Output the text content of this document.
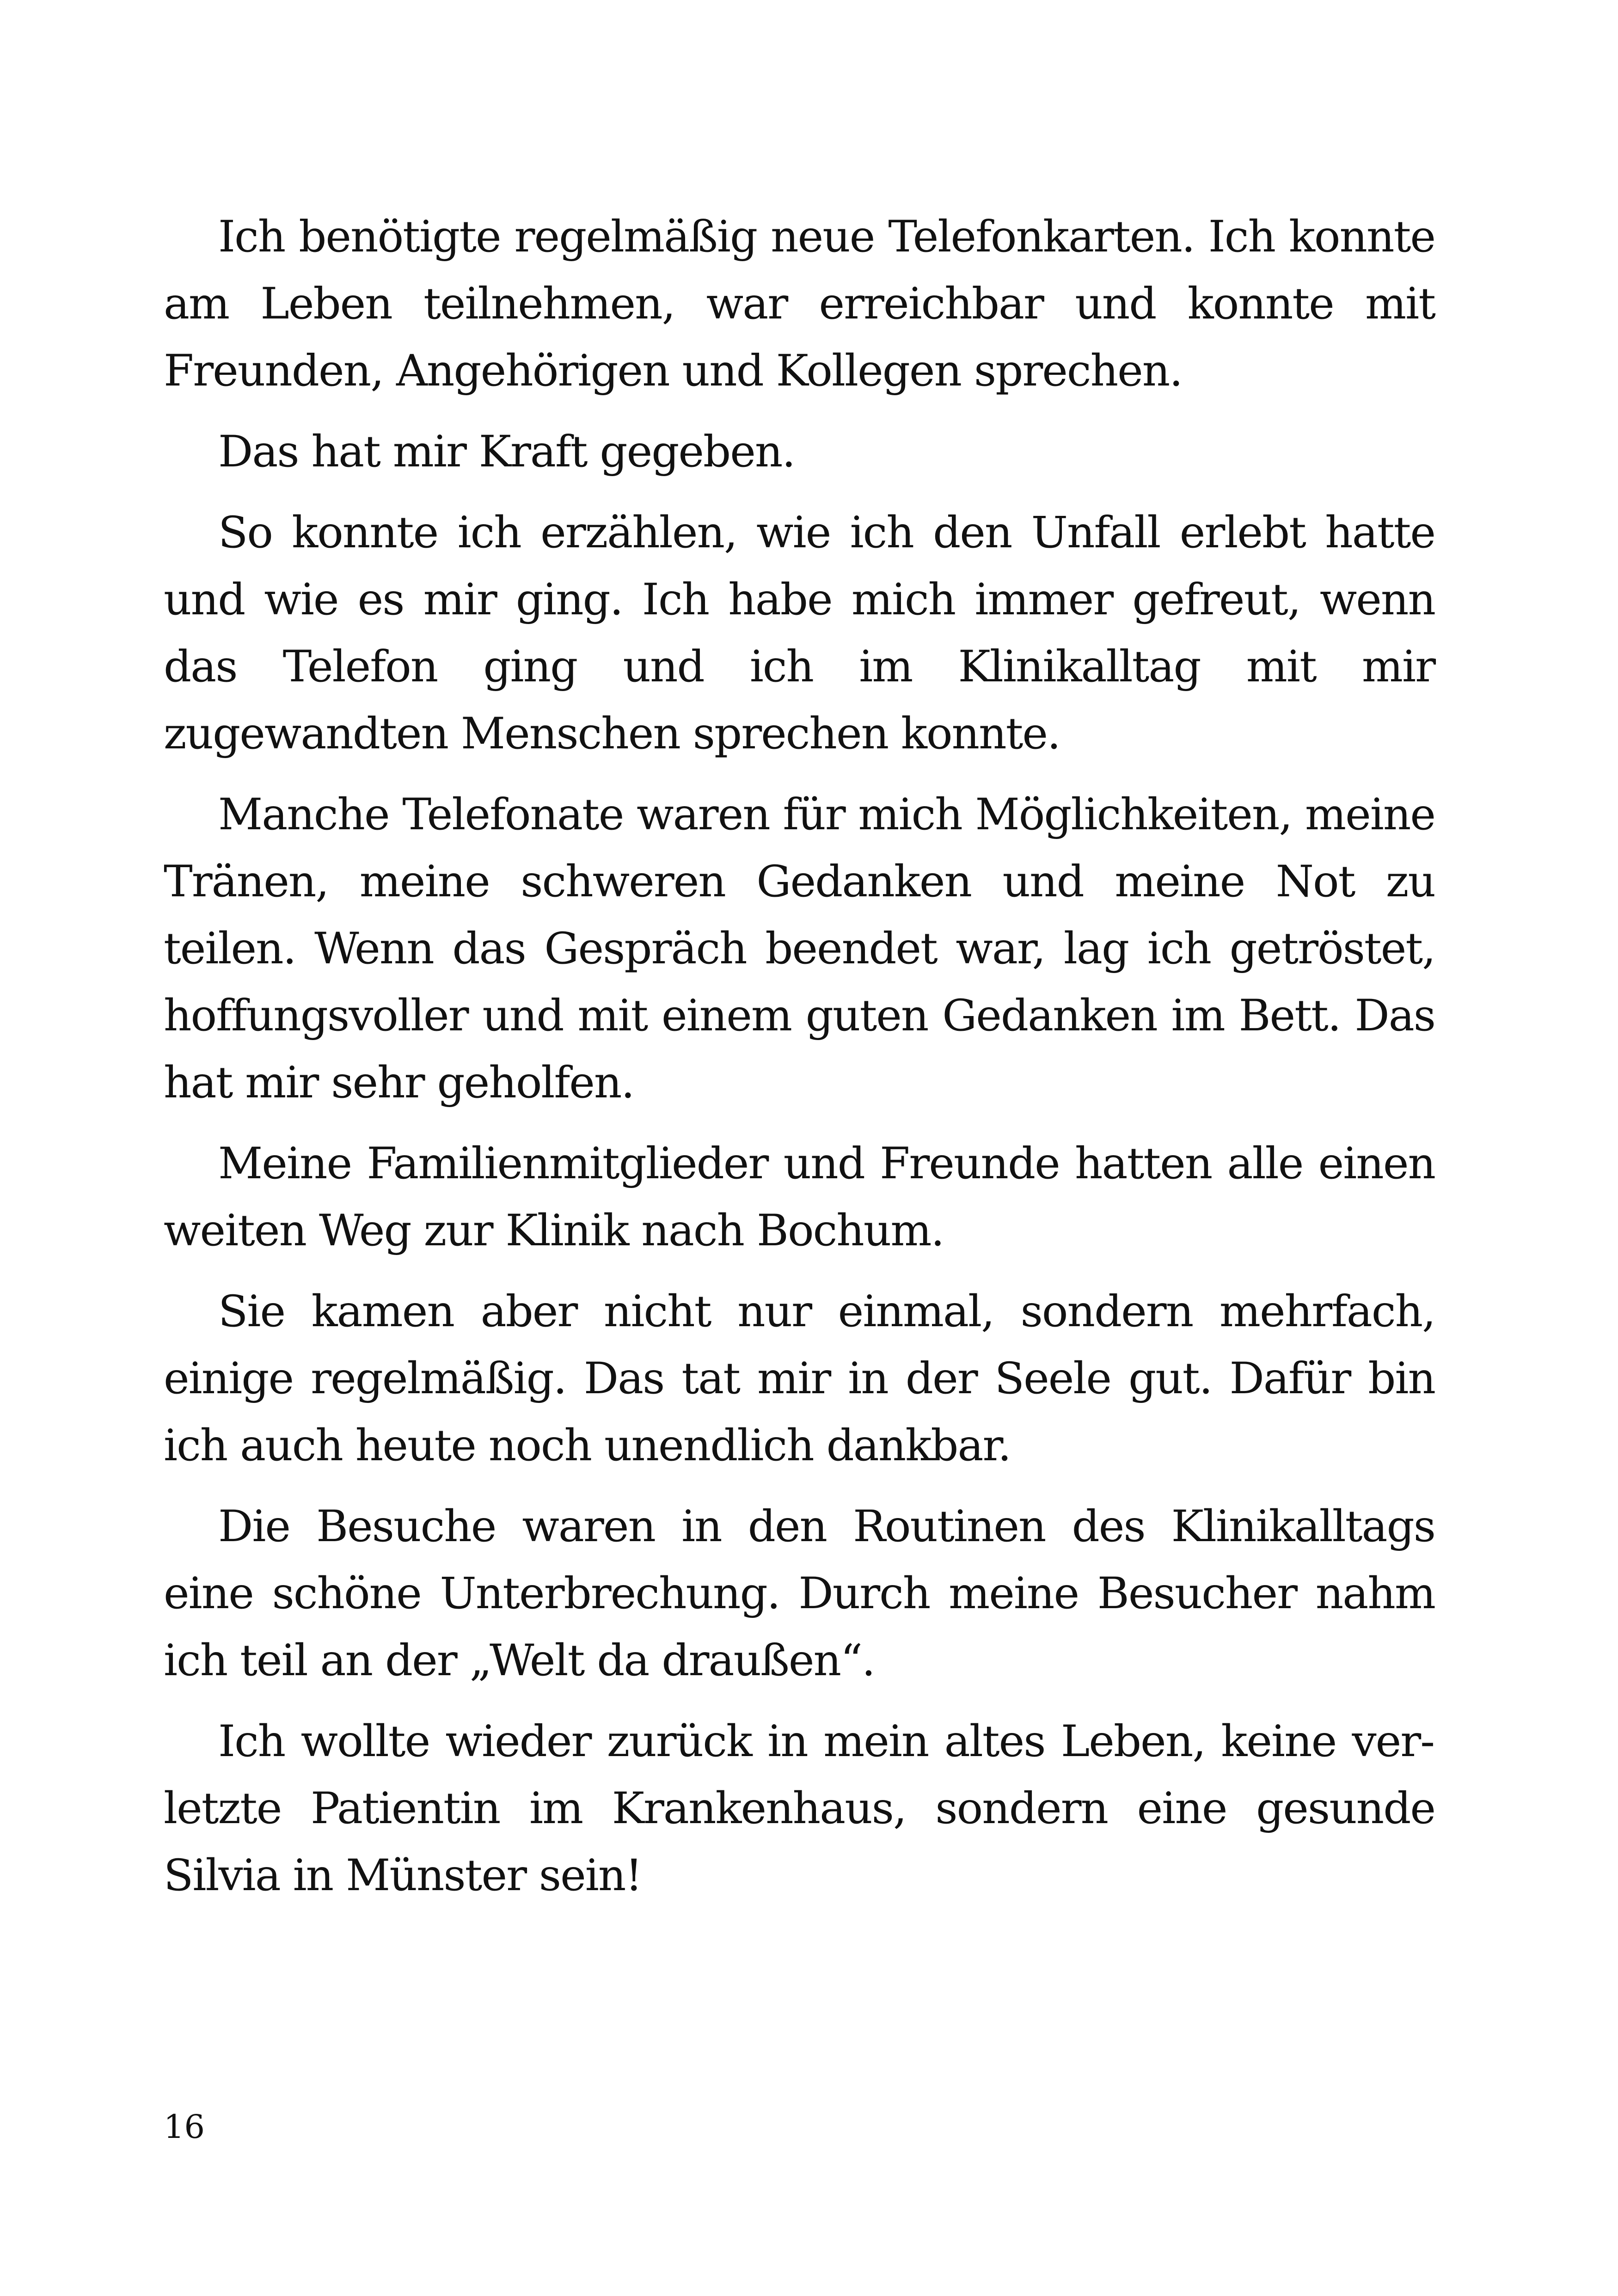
Ich benötigte regelmäßig neue Telefonkarten. Ich konnte am Leben teilnehmen, war erreichbar und konnte mit Freunden, Angehörigen und Kollegen sprechen.

Das hat mir Kraft gegeben.

So konnte ich erzählen, wie ich den Unfall erlebt hatte und wie es mir ging. Ich habe mich immer gefreut, wenn das Telefon ging und ich im Klinikalltag mit mir zugewandten Menschen sprechen konnte.

Manche Telefonate waren für mich Möglichkeiten, meine Tränen, meine schweren Gedanken und meine Not zu teilen. Wenn das Gespräch beendet war, lag ich getröstet, hoffungsvoller und mit einem guten Gedanken im Bett. Das hat mir sehr geholfen.

Meine Familienmitglieder und Freunde hatten alle einen weiten Weg zur Klinik nach Bochum.

Sie kamen aber nicht nur einmal, sondern mehrfach, einige regelmäßig. Das tat mir in der Seele gut. Dafür bin ich auch heute noch unendlich dankbar.

Die Besuche waren in den Routinen des Klinikalltags eine schöne Unterbrechung. Durch meine Besucher nahm ich teil an der „Welt da draußen“.

Ich wollte wieder zurück in mein altes Leben, keine verletzte Patientin im Krankenhaus, sondern eine gesunde Silvia in Münster sein!

16
